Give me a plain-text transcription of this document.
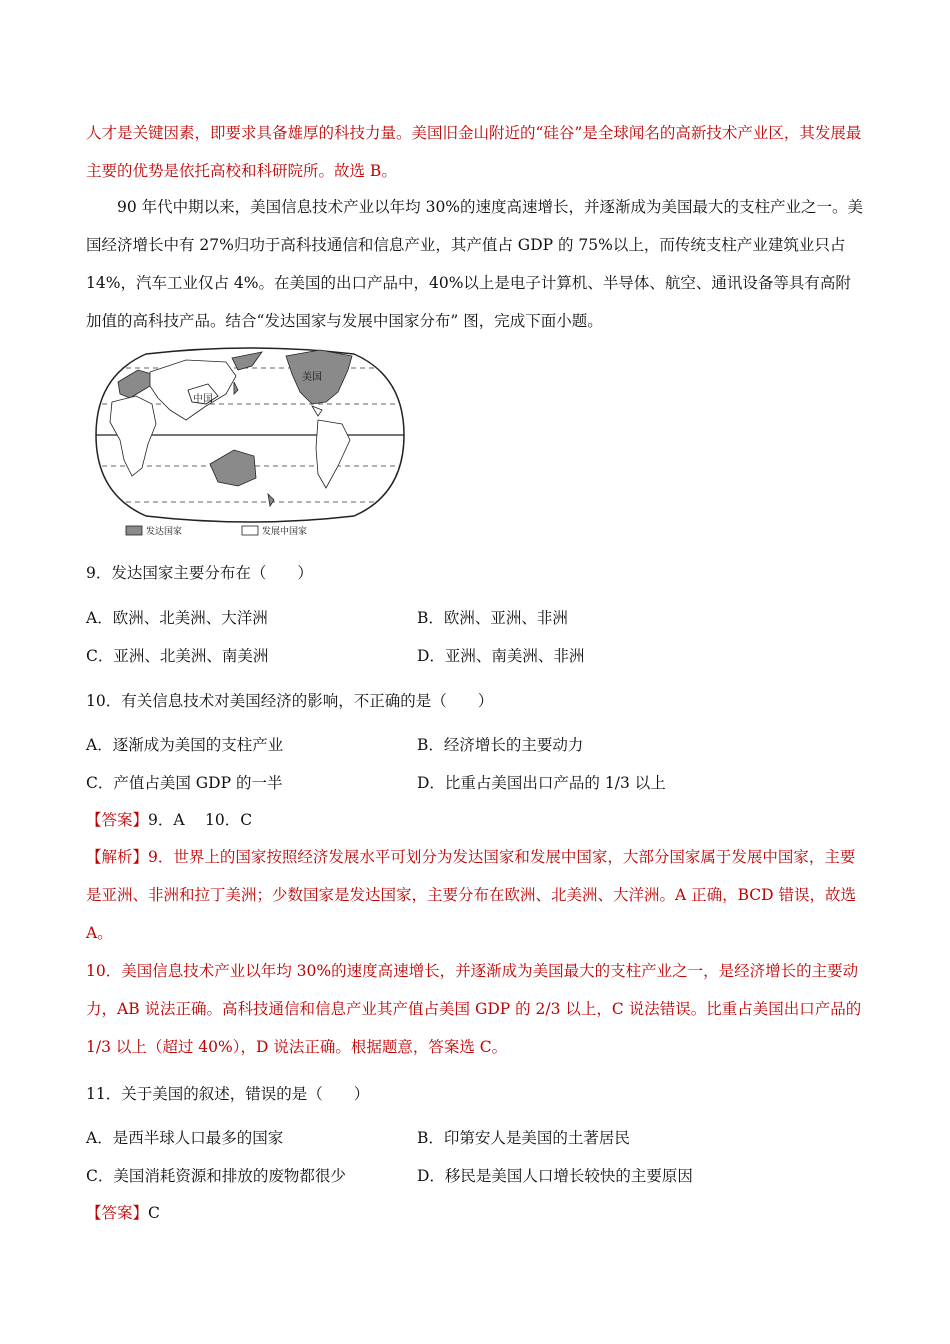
人才是关键因素，即要求具备雄厚的科技力量。美国旧金山附近的“硅谷”是全球闻名的高新技术产业区，其发展最主要的优势是依托高校和科研院所。故选 B。

90 年代中期以来，美国信息技术产业以年均 30%的速度高速增长，并逐渐成为美国最大的支柱产业之一。美国经济增长中有 27%归功于高科技通信和信息产业，其产值占 GDP 的 75%以上，而传统支柱产业建筑业只占 14%，汽车工业仅占 4%。在美国的出口产品中，40%以上是电子计算机、半导体、航空、通讯设备等具有高附加值的高科技产品。结合“发达国家与发展中国家分布” 图，完成下面小题。

中国
美国
发达国家	发展中国家
9．发达国家主要分布在（　　）
A．欧洲、北美洲、大洋洲	B．欧洲、亚洲、非洲
C．亚洲、北美洲、南美洲	D．亚洲、南美洲、非洲
10．有关信息技术对美国经济的影响，不正确的是（　　）
A．逐渐成为美国的支柱产业	B．经济增长的主要动力
C．产值占美国 GDP 的一半	D．比重占美国出口产品的 1/3 以上
【答案】9．A　 10．C

【解析】9．世界上的国家按照经济发展水平可划分为发达国家和发展中国家，大部分国家属于发展中国家，主要是亚洲、非洲和拉丁美洲；少数国家是发达国家，主要分布在欧洲、北美洲、大洋洲。A 正确，BCD 错误，故选 A。

10．美国信息技术产业以年均 30%的速度高速增长，并逐渐成为美国最大的支柱产业之一，是经济增长的主要动力，AB 说法正确。高科技通信和信息产业其产值占美国 GDP 的 2/3 以上，C 说法错误。比重占美国出口产品的 1/3 以上（超过 40%），D 说法正确。根据题意，答案选 C。

11．关于美国的叙述，错误的是（　　）
A．是西半球人口最多的国家	B．印第安人是美国的土著居民
C．美国消耗资源和排放的废物都很少	D．移民是美国人口增长较快的主要原因
【答案】C
